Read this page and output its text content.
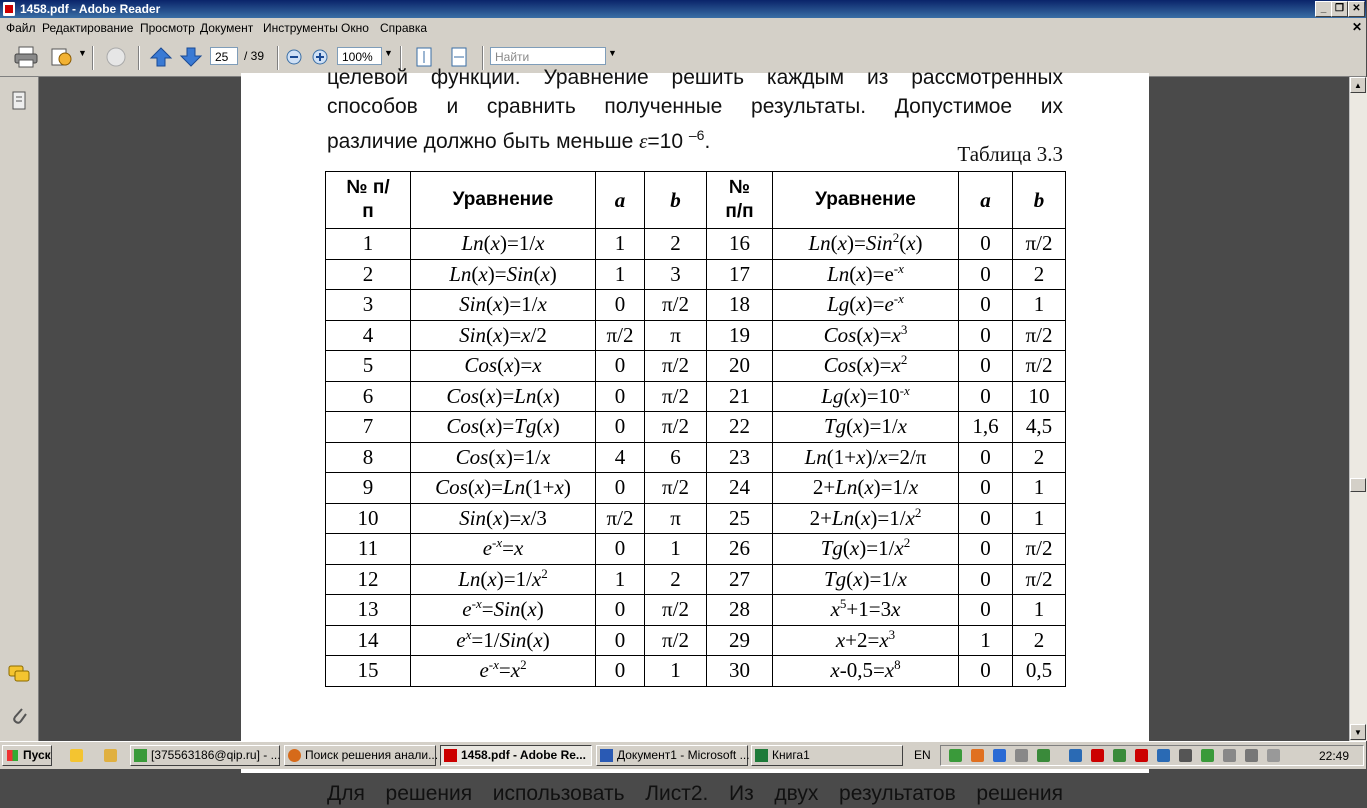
1458.pdf - Adobe Reader	_ ❐ ✕
Файл Редактирование Просмотр Документ Инструменты Окно Справка	✕
▼	25	/ 39	100%	▼	Найти	▼
целевой функции. Уравнение решить каждым из рассмотренных
способов и сравнить полученные результаты. Допустимое их
различие должно быть меньше ε=10 $^{-6}$.
Таблица 3.3
№ п/п	Уравнение	a	b	№ п/п	Уравнение	a	b
1	Ln(x)=1/x	1	2	16	Ln(x)=Sin$^2$(x)	0	π/2
2	Ln(x)=Sin(x)	1	3	17	$Ln(x)=e^{-x}$	0	2
3	Sin(x)=1/x	0	π/2	18	$Lg(x)=e^{-x}$	0	1
4	Sin(x)=x/2	π/2	π	19	$Cos(x)=x^3$	0	π/2
5	Cos(x)=x	0	π/2	20	$Cos(x)=x^2$	0	π/2
6	Cos(x)=Ln(x)	0	π/2	21	$Lg(x)=10^{-x}$	0	10
7	Cos(x)=Tg(x)	0	π/2	22	Tg(x)=1/x	1,6	4,5
8	Cos(x)=1/x	4	6	23	Ln(1+x)/x=2/π	0	2
9	Cos(x)=Ln(1+x)	0	π/2	24	2+Ln(x)=1/x	0	1
10	Sin(x)=x/3	π/2	π	25	$2+Ln(x)=1/x^2$	0	1
11	$e^{-x}=x$	0	1	26	$Tg(x)=1/x^2$	0	π/2
12	$Ln(x)=1/x^2$	1	2	27	Tg(x)=1/x	0	π/2
13	$e^{-x}=Sin(x)$	0	π/2	28	$x^5+1=3x$	0	1
14	$e^x=1/Sin(x)$	0	π/2	29	$x+2=x^3$	1	2
15	$e^{-x}=x^2$	0	1	30	$x-0,5=x^8$	0	0,5
Для решения использовать Лист2. Из двух результатов решения
▲
▼
Пуск	[375563186@qip.ru] - ...	Поиск решения анали...	1458.pdf - Adobe Re...	Документ1 - Microsoft ...	Книга1	EN	22:49
